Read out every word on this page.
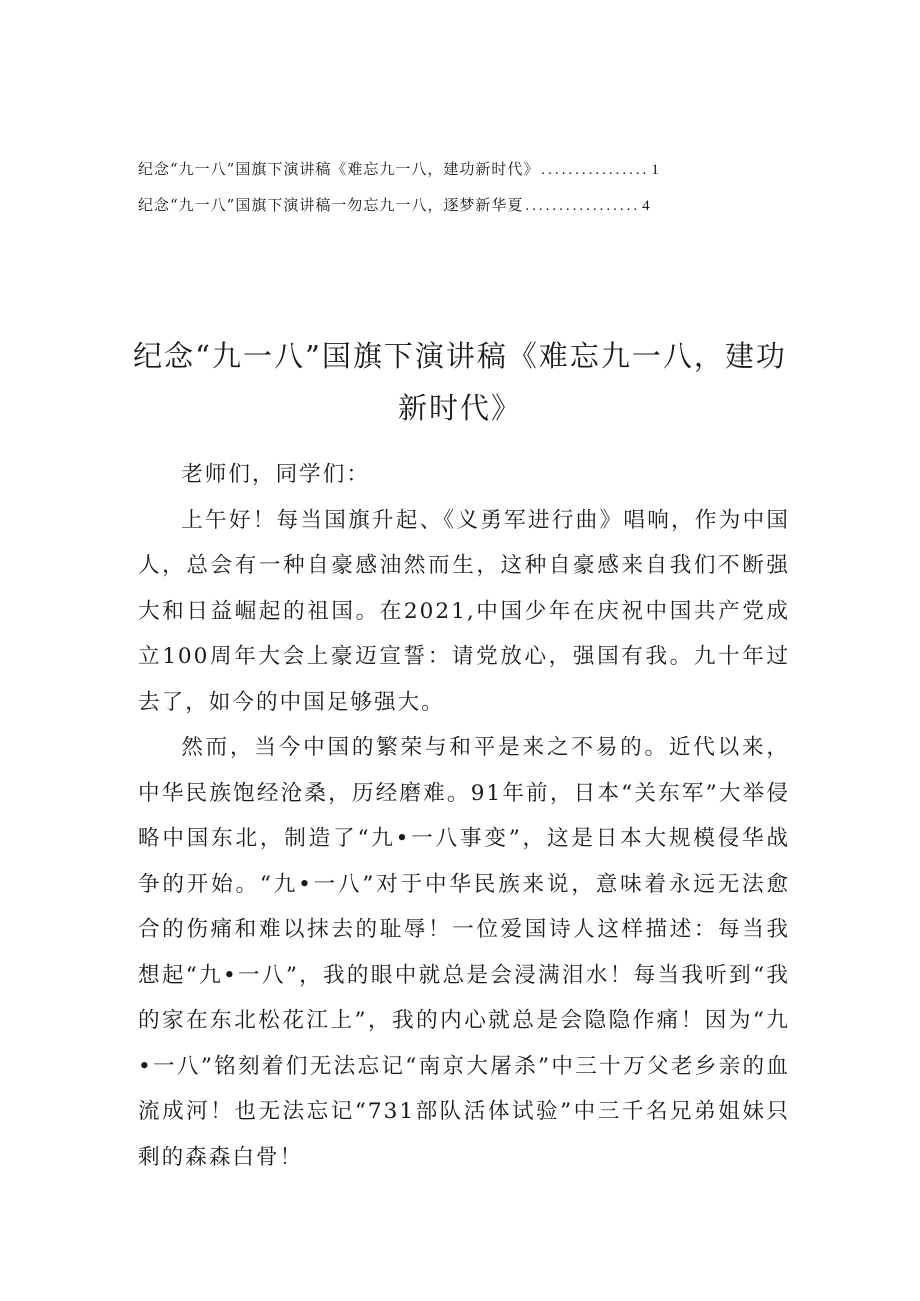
纪念“九一八”国旗下演讲稿《难忘九一八，建功新时代》 ................ 1
纪念“九一八”国旗下演讲稿一勿忘九一八，逐梦新华夏 ................. 4
纪念“九一八”国旗下演讲稿《难忘九一八，建功新时代》

老师们，同学们：

上午好！每当国旗升起、《义勇军进行曲》唱响，作为中国人，总会有一种自豪感油然而生，这种自豪感来自我们不断强大和日益崛起的祖国。在2021,中国少年在庆祝中国共产党成立100周年大会上豪迈宣誓：请党放心，强国有我。九十年过去了，如今的中国足够强大。

然而，当今中国的繁荣与和平是来之不易的。近代以来，中华民族饱经沧桑，历经磨难。91年前，日本“关东军”大举侵略中国东北，制造了“九•一八事变”，这是日本大规模侵华战争的开始。“九•一八”对于中华民族来说，意味着永远无法愈合的伤痛和难以抹去的耻辱！一位爱国诗人这样描述：每当我想起“九•一八”，我的眼中就总是会浸满泪水！每当我听到“我的家在东北松花江上”，我的内心就总是会隐隐作痛！因为“九•一八”铭刻着们无法忘记“南京大屠杀”中三十万父老乡亲的血流成河！也无法忘记“731部队活体试验”中三千名兄弟姐妹只剩的森森白骨！
